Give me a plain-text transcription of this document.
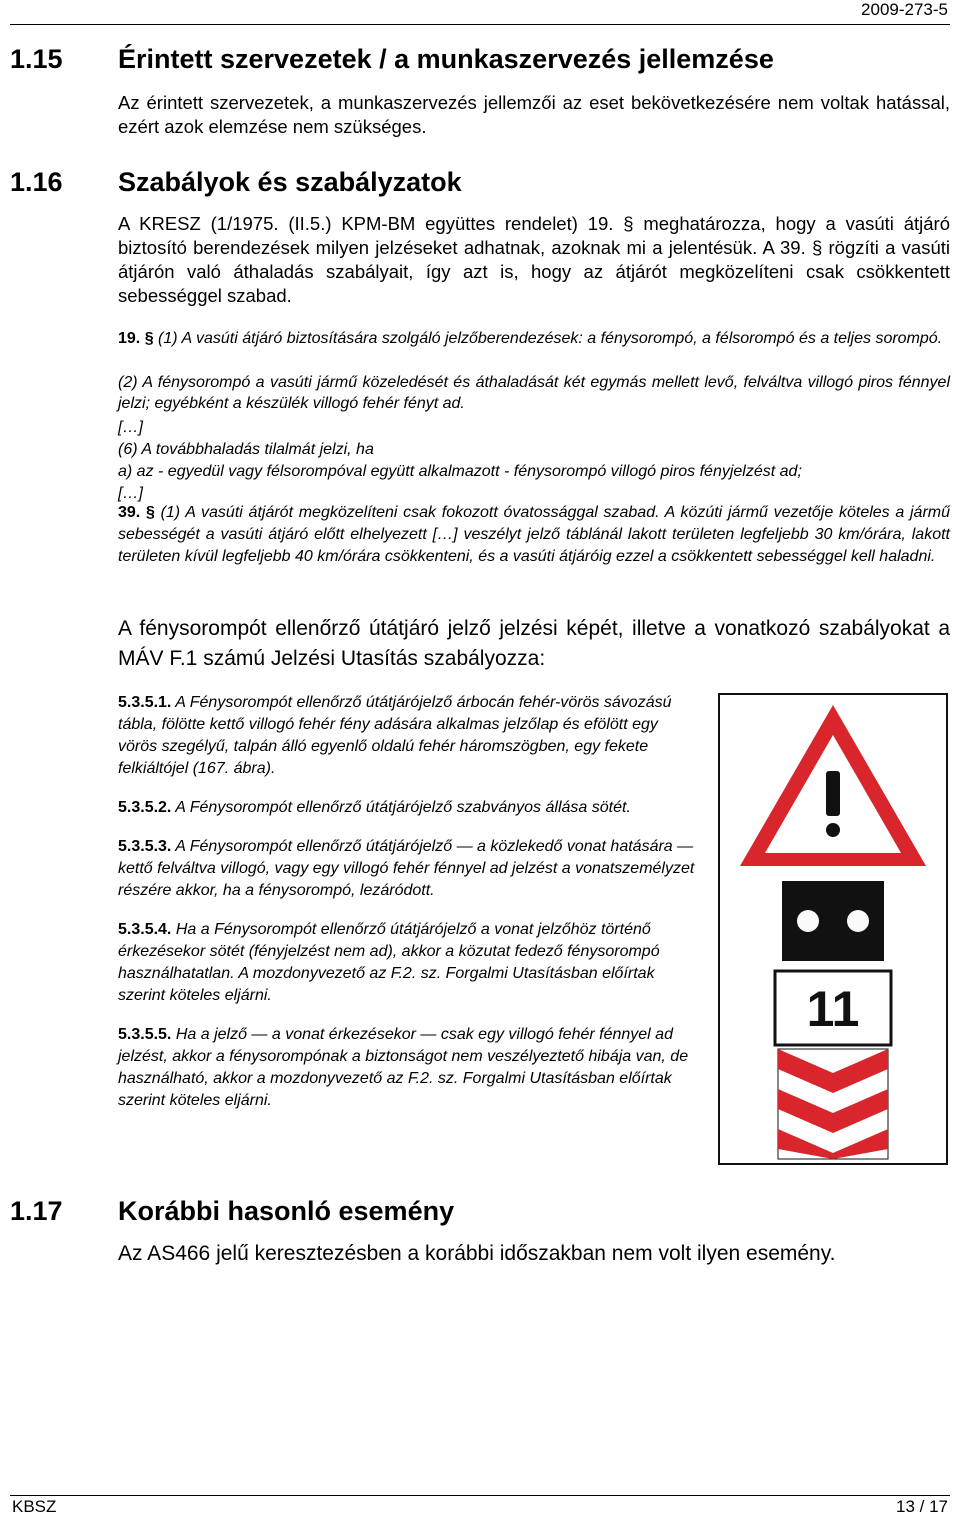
2009-273-5
1.15 Érintett szervezetek / a munkaszervezés jellemzése
Az érintett szervezetek, a munkaszervezés jellemzői az eset bekövetkezésére nem voltak hatással, ezért azok elemzése nem szükséges.
1.16 Szabályok és szabályzatok
A KRESZ (1/1975. (II.5.) KPM-BM együttes rendelet) 19. § meghatározza, hogy a vasúti átjáró biztosító berendezések milyen jelzéseket adhatnak, azoknak mi a jelentésük. A 39. § rögzíti a vasúti átjárón való áthaladás szabályait, így azt is, hogy az átjárót megközelíteni csak csökkentett sebességgel szabad.
19. § (1) A vasúti átjáró biztosítására szolgáló jelzőberendezések: a fénysorompó, a félsorompó és a teljes sorompó.
(2) A fénysorompó a vasúti jármű közeledését és áthaladását két egymás mellett levő, felváltva villogó piros fénnyel jelzi; egyébként a készülék villogó fehér fényt ad.
[…]
(6) A továbbhaladás tilalmát jelzi, ha
a) az - egyedül vagy félsorompóval együtt alkalmazott - fénysorompó villogó piros fényjelzést ad;
[…]
39. § (1) A vasúti átjárót megközelíteni csak fokozott óvatossággal szabad. A közúti jármű vezetője köteles a jármű sebességét a vasúti átjáró előtt elhelyezett […] veszélyt jelző táblánál lakott területen legfeljebb 30 km/órára, lakott területen kívül legfeljebb 40 km/órára csökkenteni, és a vasúti átjáróig ezzel a csökkentett sebességgel kell haladni.
A fénysorompót ellenőrző útátjáró jelző jelzési képét, illetve a vonatkozó szabályokat a MÁV F.1 számú Jelzési Utasítás szabályozza:
5.3.5.1. A Fénysorompót ellenőrző útátjárójelző árbocán fehér-vörös sávozású tábla, fölötte kettő villogó fehér fény adására alkalmas jelzőlap és efölött egy vörös szegélyű, talpán álló egyenlő oldalú fehér háromszögben, egy fekete felkiáltójel (167. ábra).
5.3.5.2. A Fénysorompót ellenőrző útátjárójelző szabványos állása sötét.
5.3.5.3. A Fénysorompót ellenőrző útátjárójelző — a közlekedő vonat hatására — kettő felváltva villogó, vagy egy villogó fehér fénnyel ad jelzést a vonatszemélyzet részére akkor, ha a fénysorompó, lezáródott.
5.3.5.4. Ha a Fénysorompót ellenőrző útátjárójelző a vonat jelzőhöz történő érkezésekor sötét (fényjelzést nem ad), akkor a közutat fedező fénysorompó használhatatlan. A mozdonyvezető az F.2. sz. Forgalmi Utasításban előírtak szerint köteles eljárni.
5.3.5.5. Ha a jelző — a vonat érkezésekor — csak egy villogó fehér fénnyel ad jelzést, akkor a fénysorompónak a biztonságot nem veszélyeztető hibája van, de használható, akkor a mozdonyvezető az F.2. sz. Forgalmi Utasításban előírtak szerint köteles eljárni.
11
1.17 Korábbi hasonló esemény
Az AS466 jelű keresztezésben a korábbi időszakban nem volt ilyen esemény.
KBSZ	13 / 17
